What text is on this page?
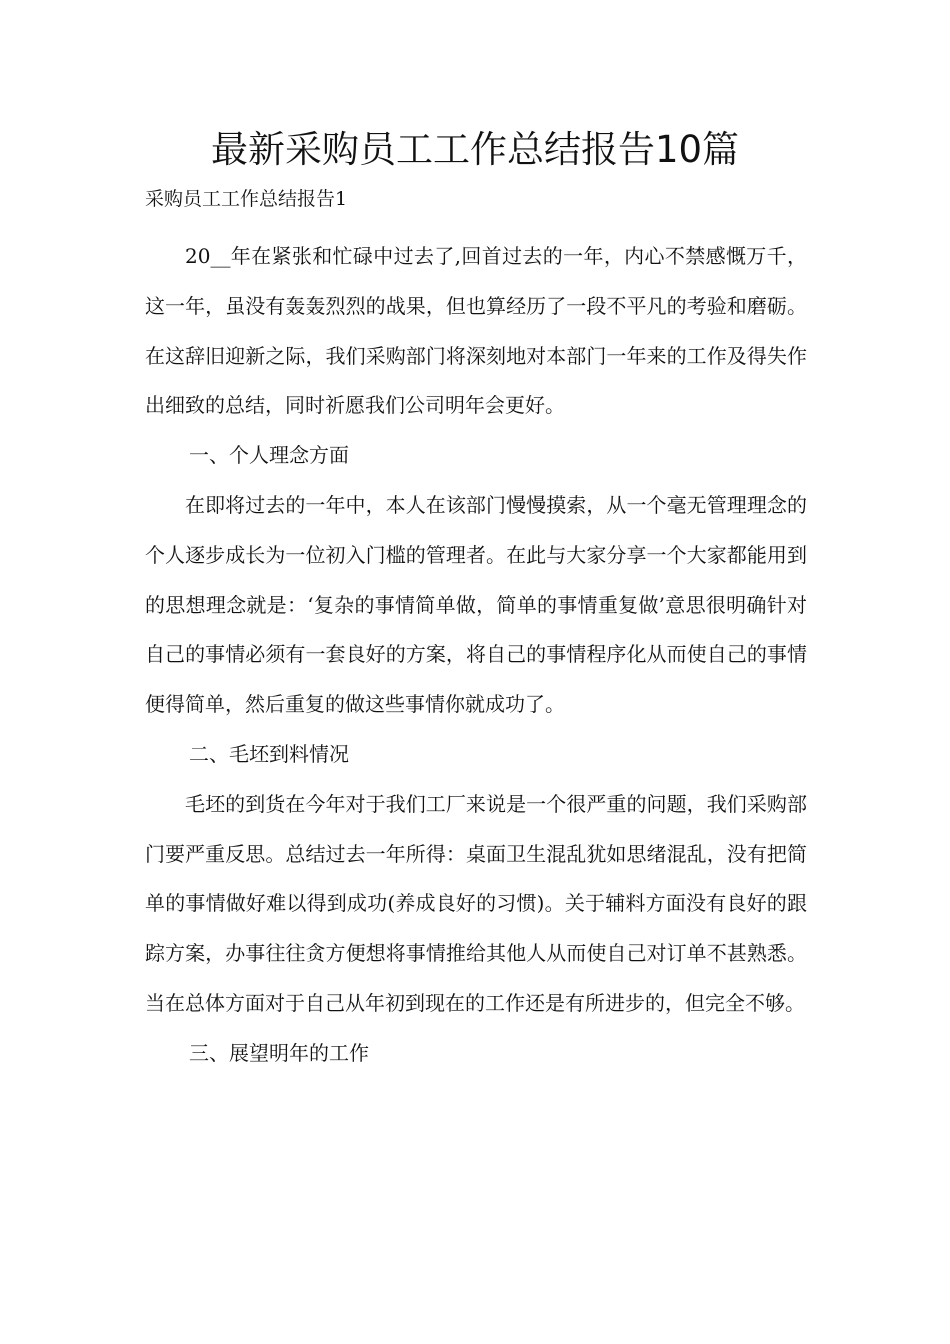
最新采购员工工作总结报告10篇
采购员工工作总结报告1

20__年在紧张和忙碌中过去了,回首过去的一年，内心不禁感慨万千，这一年，虽没有轰轰烈烈的战果，但也算经历了一段不平凡的考验和磨砺。在这辞旧迎新之际，我们采购部门将深刻地对本部门一年来的工作及得失作出细致的总结，同时祈愿我们公司明年会更好。

一、个人理念方面

在即将过去的一年中，本人在该部门慢慢摸索，从一个毫无管理理念的个人逐步成长为一位初入门槛的管理者。在此与大家分享一个大家都能用到的思想理念就是：‘复杂的事情简单做，简单的事情重复做’意思很明确针对自己的事情必须有一套良好的方案，将自己的事情程序化从而使自己的事情便得简单，然后重复的做这些事情你就成功了。

二、毛坯到料情况

毛坯的到货在今年对于我们工厂来说是一个很严重的问题，我们采购部门要严重反思。总结过去一年所得：桌面卫生混乱犹如思绪混乱，没有把简单的事情做好难以得到成功(养成良好的习惯)。关于辅料方面没有良好的跟踪方案，办事往往贪方便想将事情推给其他人从而使自己对订单不甚熟悉。当在总体方面对于自己从年初到现在的工作还是有所进步的，但完全不够。

三、展望明年的工作
